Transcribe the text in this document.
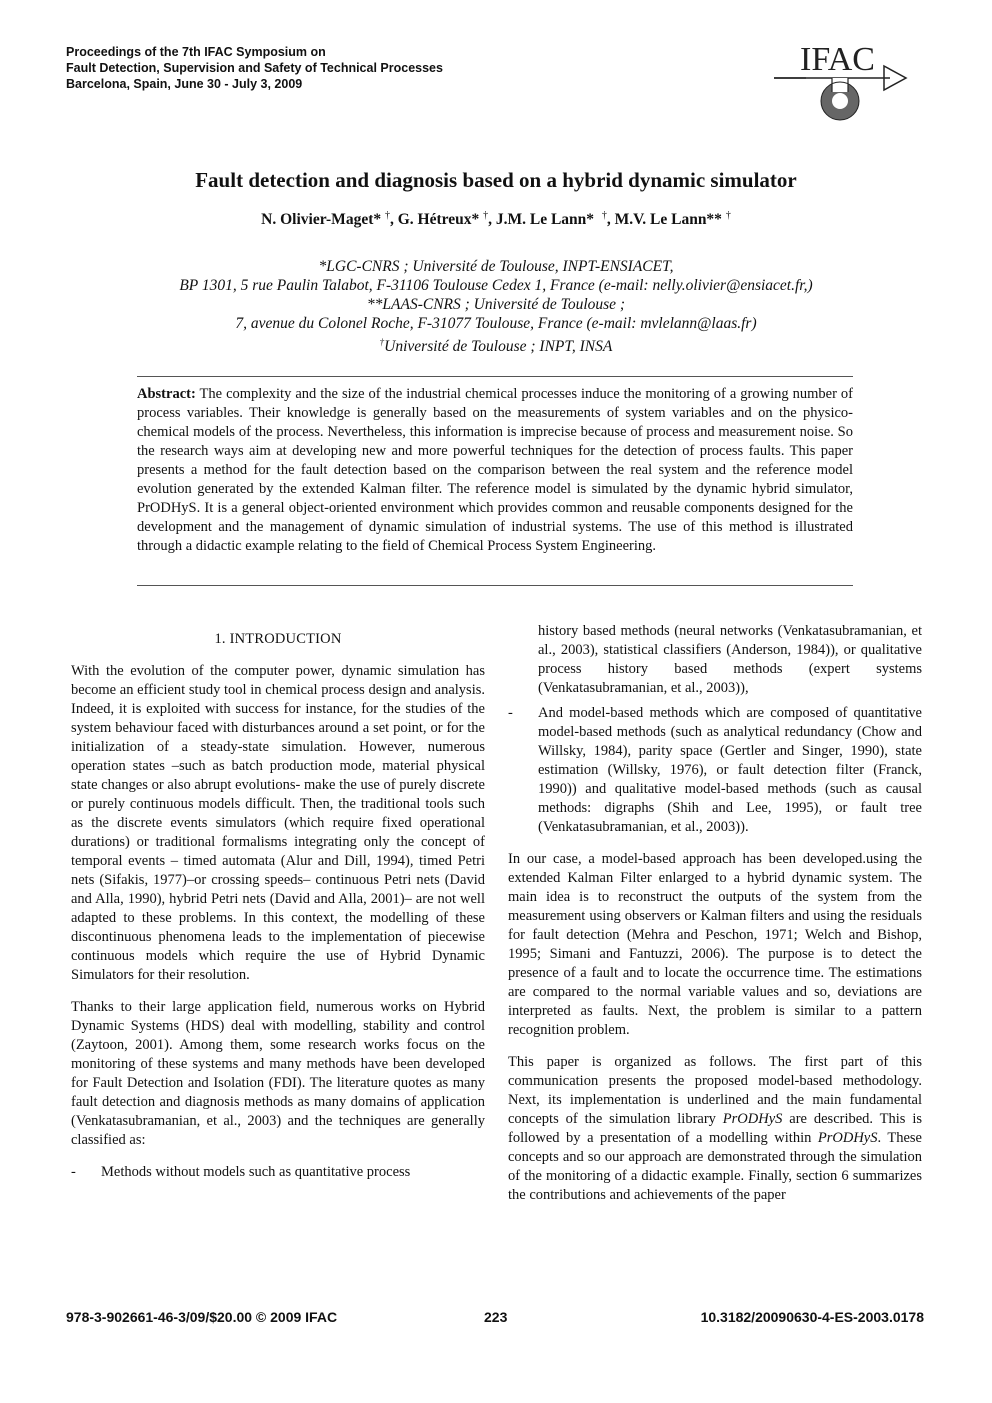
Proceedings of the 7th IFAC Symposium on
Fault Detection, Supervision and Safety of Technical Processes
Barcelona, Spain, June 30 - July 3, 2009
IFAC
Fault detection and diagnosis based on a hybrid dynamic simulator
N. Olivier-Maget* †, G. Hétreux* †, J.M. Le Lann* †, M.V. Le Lann** †
*LGC-CNRS ; Université de Toulouse, INPT-ENSIACET,
BP 1301, 5 rue Paulin Talabot, F-31106 Toulouse Cedex 1, France (e-mail: nelly.olivier@ensiacet.fr,)
**LAAS-CNRS ; Université de Toulouse ;
7, avenue du Colonel Roche, F-31077 Toulouse, France (e-mail: mvlelann@laas.fr)
†Université de Toulouse ; INPT, INSA
Abstract: The complexity and the size of the industrial chemical processes induce the monitoring of a growing number of process variables. Their knowledge is generally based on the measurements of system variables and on the physico-chemical models of the process. Nevertheless, this information is imprecise because of process and measurement noise. So the research ways aim at developing new and more powerful techniques for the detection of process faults. This paper presents a method for the fault detection based on the comparison between the real system and the reference model evolution generated by the extended Kalman filter. The reference model is simulated by the dynamic hybrid simulator, PrODHyS. It is a general object-oriented environment which provides common and reusable components designed for the development and the management of dynamic simulation of industrial systems. The use of this method is illustrated through a didactic example relating to the field of Chemical Process System Engineering.
1. INTRODUCTION

With the evolution of the computer power, dynamic simulation has become an efficient study tool in chemical process design and analysis. Indeed, it is exploited with success for instance, for the studies of the system behaviour faced with disturbances around a set point, or for the initialization of a steady-state simulation. However, numerous operation states –such as batch production mode, material physical state changes or also abrupt evolutions- make the use of purely discrete or purely continuous models difficult. Then, the traditional tools such as the discrete events simulators (which require fixed operational durations) or traditional formalisms integrating only the concept of temporal events – timed automata (Alur and Dill, 1994), timed Petri nets (Sifakis, 1977)–or crossing speeds– continuous Petri nets (David and Alla, 1990), hybrid Petri nets (David and Alla, 2001)– are not well adapted to these problems. In this context, the modelling of these discontinuous phenomena leads to the implementation of piecewise continuous models which require the use of Hybrid Dynamic Simulators for their resolution.

Thanks to their large application field, numerous works on Hybrid Dynamic Systems (HDS) deal with modelling, stability and control (Zaytoon, 2001). Among them, some research works focus on the monitoring of these systems and many methods have been developed for Fault Detection and Isolation (FDI). The literature quotes as many fault detection and diagnosis methods as many domains of application (Venkatasubramanian, et al., 2003) and the techniques are generally classified as:

- Methods without models such as quantitative process
history based methods (neural networks (Venkatasubramanian, et al., 2003), statistical classifiers (Anderson, 1984)), or qualitative process history based methods (expert systems (Venkatasubramanian, et al., 2003)),
- And model-based methods which are composed of quantitative model-based methods (such as analytical redundancy (Chow and Willsky, 1984), parity space (Gertler and Singer, 1990), state estimation (Willsky, 1976), or fault detection filter (Franck, 1990)) and qualitative model-based methods (such as causal methods: digraphs (Shih and Lee, 1995), or fault tree (Venkatasubramanian, et al., 2003)).

In our case, a model-based approach has been developed.using the extended Kalman Filter enlarged to a hybrid dynamic system. The main idea is to reconstruct the outputs of the system from the measurement using observers or Kalman filters and using the residuals for fault detection (Mehra and Peschon, 1971; Welch and Bishop, 1995; Simani and Fantuzzi, 2006). The purpose is to detect the presence of a fault and to locate the occurrence time. The estimations are compared to the normal variable values and so, deviations are interpreted as faults. Next, the problem is similar to a pattern recognition problem.

This paper is organized as follows. The first part of this communication presents the proposed model-based methodology. Next, its implementation is underlined and the main fundamental concepts of the simulation library PrODHyS are described. This is followed by a presentation of a modelling within PrODHyS. These concepts and so our approach are demonstrated through the simulation of the monitoring of a didactic example. Finally, section 6 summarizes the contributions and achievements of the paper

978-3-902661-46-3/09/$20.00 © 2009 IFAC	223	10.3182/20090630-4-ES-2003.0178
